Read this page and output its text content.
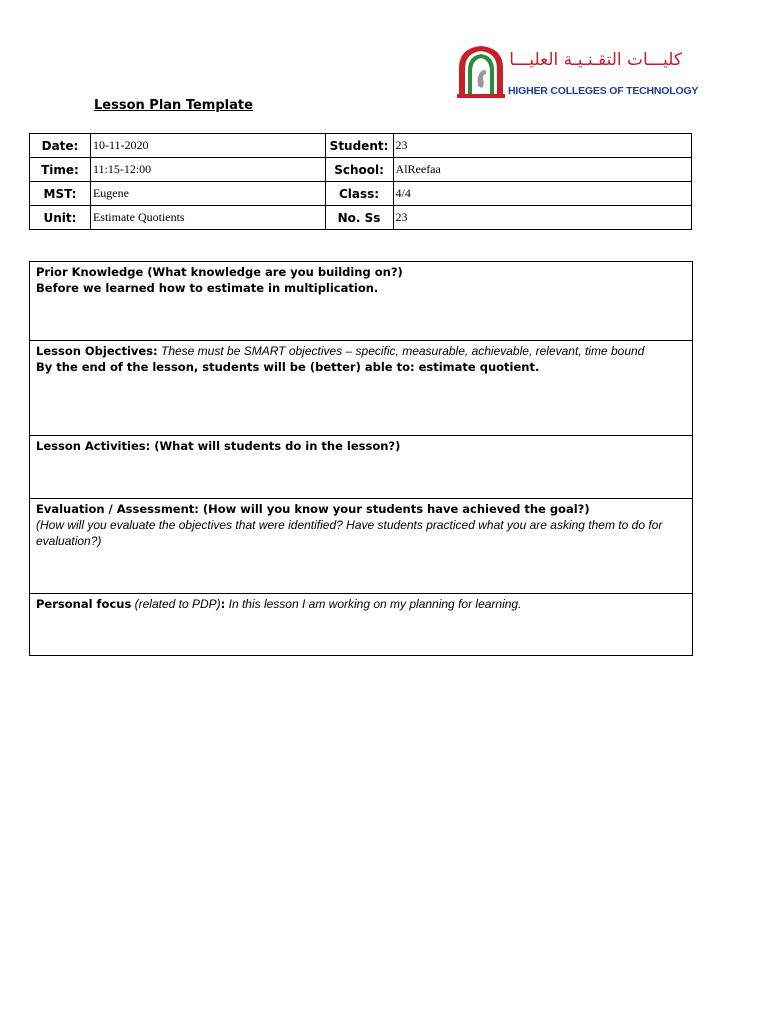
كليـــات التقـنـيـة العليـــا
HIGHER COLLEGES OF TECHNOLOGY
Lesson Plan Template
Date:	10-11-2020	Student:	23
Time:	11:15-12:00	School:	AlReefaa
MST:	Eugene	Class:	4/4
Unit:	Estimate Quotients	No. Ss	23
Prior Knowledge (What knowledge are you building on?)
Before we learned how to estimate in multiplication.
Lesson Objectives: These must be SMART objectives – specific, measurable, achievable, relevant, time bound
By the end of the lesson, students will be (better) able to: estimate quotient.
Lesson Activities: (What will students do in the lesson?)
Evaluation / Assessment: (How will you know your students have achieved the goal?)
(How will you evaluate the objectives that were identified? Have students practiced what you are asking them to do for evaluation?)
Personal focus (related to PDP): In this lesson I am working on my planning for learning.
